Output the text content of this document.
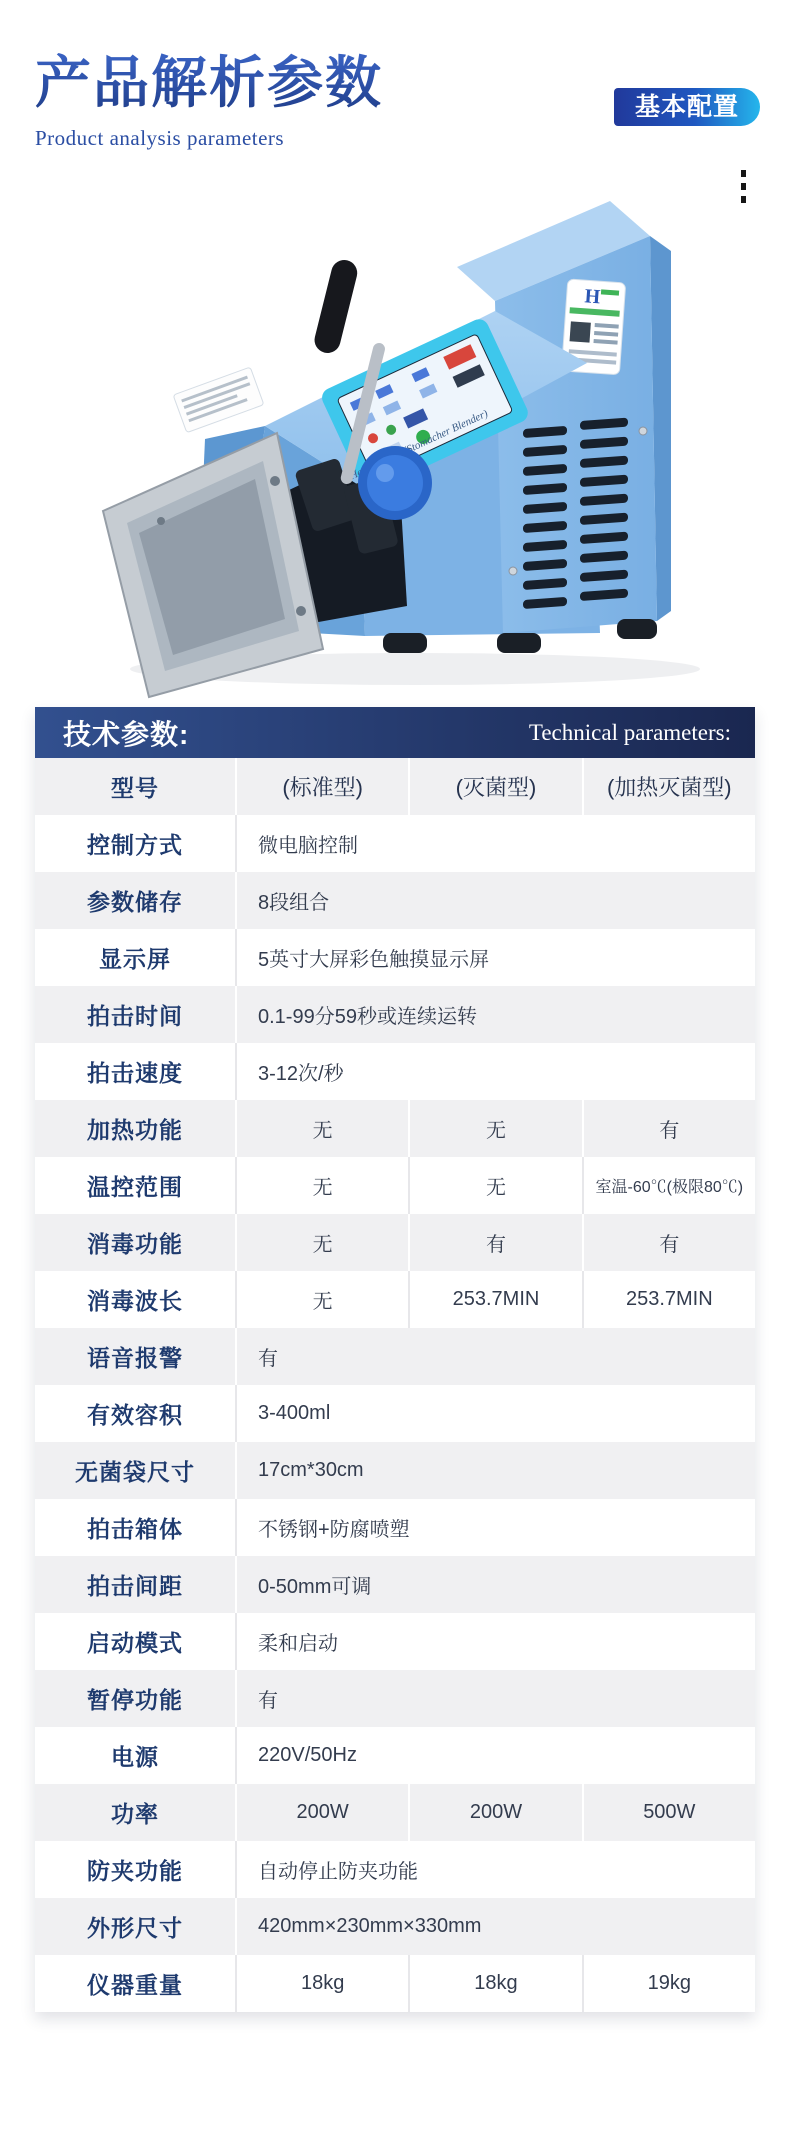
产品解析参数
Product analysis parameters
基本配置
H
Blender)
技术参数:	Technical parameters:
型号	(标准型)	(灭菌型)	(加热灭菌型)
控制方式	微电脑控制
参数储存	8段组合
显示屏	5英寸大屏彩色触摸显示屏
拍击时间	0.1-99分59秒或连续运转
拍击速度	3-12次/秒
加热功能	无	无	有
温控范围	无	无	室温-60℃(极限80℃)
消毒功能	无	有	有
消毒波长	无	253.7MIN	253.7MIN
语音报警	有
有效容积	3-400ml
无菌袋尺寸	17cm*30cm
拍击箱体	不锈钢+防腐喷塑
拍击间距	0-50mm可调
启动模式	柔和启动
暂停功能	有
电源	220V/50Hz
功率	200W	200W	500W
防夹功能	自动停止防夹功能
外形尺寸	420mm×230mm×330mm
仪器重量	18kg	18kg	19kg
